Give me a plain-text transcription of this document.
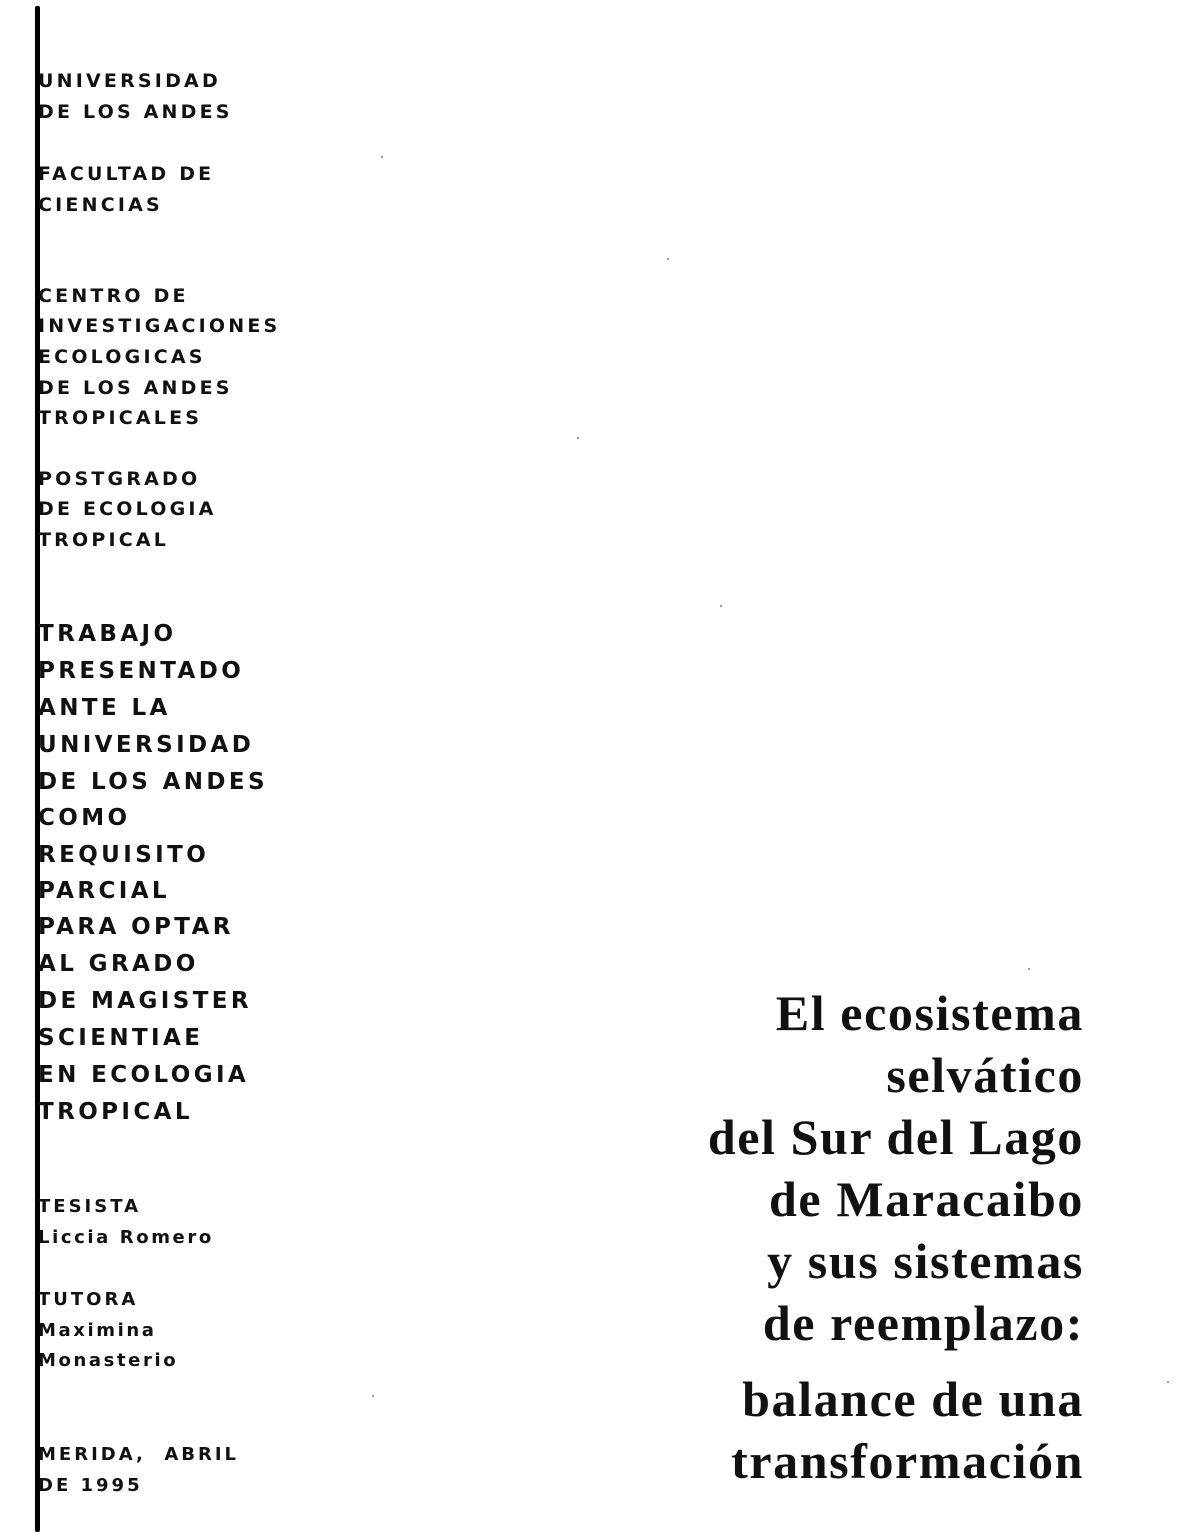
UNIVERSIDAD
DE LOS ANDES
FACULTAD DE
CIENCIAS
CENTRO DE
INVESTIGACIONES
ECOLOGICAS
DE LOS ANDES
TROPICALES
POSTGRADO
DE ECOLOGIA
TROPICAL
TRABAJO
PRESENTADO
ANTE LA
UNIVERSIDAD
DE LOS ANDES
COMO
REQUISITO
PARCIAL
PARA OPTAR
AL GRADO
DE MAGISTER
SCIENTIAE
EN ECOLOGIA
TROPICAL
TESISTA
Liccia Romero
TUTORA
Maximina
Monasterio
MERIDA,  ABRIL
DE 1995
El ecosistema
selvático
del Sur del Lago
de Maracaibo
y sus sistemas
de reemplazo:
balance de una
transformación
